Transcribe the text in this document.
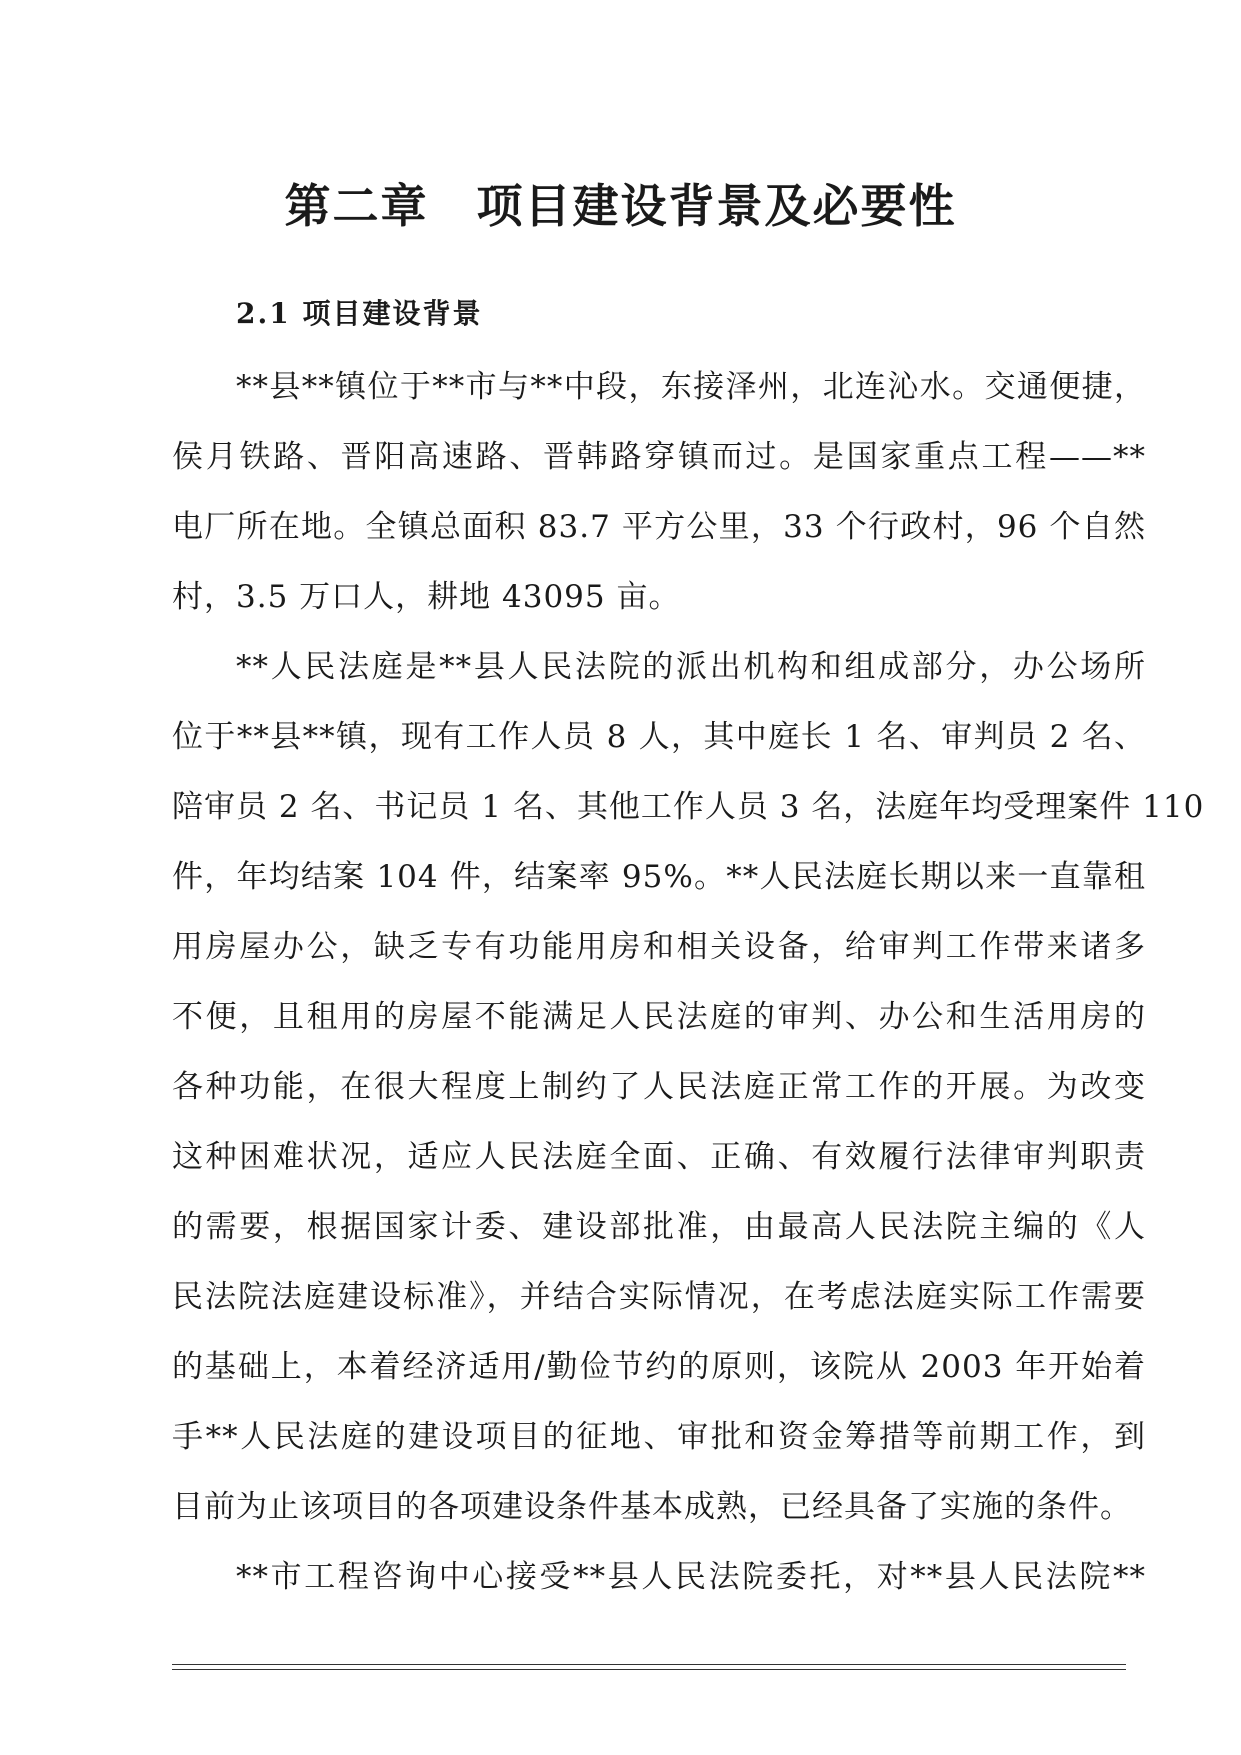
第二章 项目建设背景及必要性
2.1 项目建设背景
**县**镇位于**市与**中段，东接泽州，北连沁水。交通便捷，
侯月铁路、晋阳高速路、晋韩路穿镇而过。是国家重点工程——**
电厂所在地。全镇总面积 83.7 平方公里，33 个行政村，96 个自然
村，3.5 万口人，耕地 43095 亩。
**人民法庭是**县人民法院的派出机构和组成部分，办公场所
位于**县**镇，现有工作人员 8 人，其中庭长 1 名、审判员 2 名、
陪审员 2 名、书记员 1 名、其他工作人员 3 名，法庭年均受理案件 110
件，年均结案 104 件，结案率 95%。**人民法庭长期以来一直靠租
用房屋办公，缺乏专有功能用房和相关设备，给审判工作带来诸多
不便，且租用的房屋不能满足人民法庭的审判、办公和生活用房的
各种功能，在很大程度上制约了人民法庭正常工作的开展。为改变
这种困难状况，适应人民法庭全面、正确、有效履行法律审判职责
的需要，根据国家计委、建设部批准，由最高人民法院主编的《人
民法院法庭建设标准》，并结合实际情况，在考虑法庭实际工作需要
的基础上，本着经济适用/勤俭节约的原则，该院从 2003 年开始着
手**人民法庭的建设项目的征地、审批和资金筹措等前期工作，到
目前为止该项目的各项建设条件基本成熟，已经具备了实施的条件。
**市工程咨询中心接受**县人民法院委托，对**县人民法院**
